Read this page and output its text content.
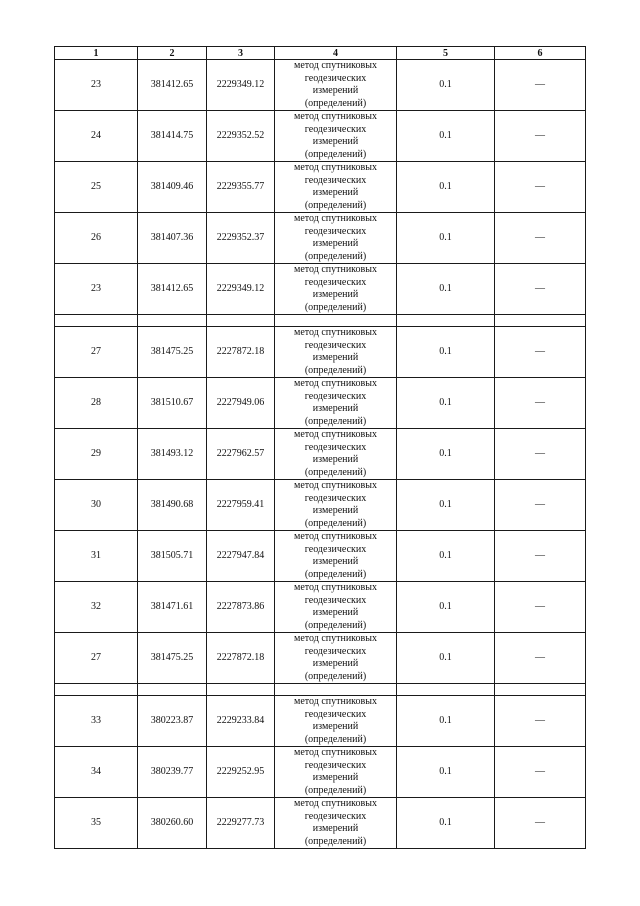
1	2	3	4	5	6
23	381412.65	2229349.12	метод спутниковых
геодезических
измерений
(определений)	0.1	—
24	381414.75	2229352.52	метод спутниковых
геодезических
измерений
(определений)	0.1	—
25	381409.46	2229355.77	метод спутниковых
геодезических
измерений
(определений)	0.1	—
26	381407.36	2229352.37	метод спутниковых
геодезических
измерений
(определений)	0.1	—
23	381412.65	2229349.12	метод спутниковых
геодезических
измерений
(определений)	0.1	—

27	381475.25	2227872.18	метод спутниковых
геодезических
измерений
(определений)	0.1	—
28	381510.67	2227949.06	метод спутниковых
геодезических
измерений
(определений)	0.1	—
29	381493.12	2227962.57	метод спутниковых
геодезических
измерений
(определений)	0.1	—
30	381490.68	2227959.41	метод спутниковых
геодезических
измерений
(определений)	0.1	—
31	381505.71	2227947.84	метод спутниковых
геодезических
измерений
(определений)	0.1	—
32	381471.61	2227873.86	метод спутниковых
геодезических
измерений
(определений)	0.1	—
27	381475.25	2227872.18	метод спутниковых
геодезических
измерений
(определений)	0.1	—

33	380223.87	2229233.84	метод спутниковых
геодезических
измерений
(определений)	0.1	—
34	380239.77	2229252.95	метод спутниковых
геодезических
измерений
(определений)	0.1	—
35	380260.60	2229277.73	метод спутниковых
геодезических
измерений
(определений)	0.1	—
